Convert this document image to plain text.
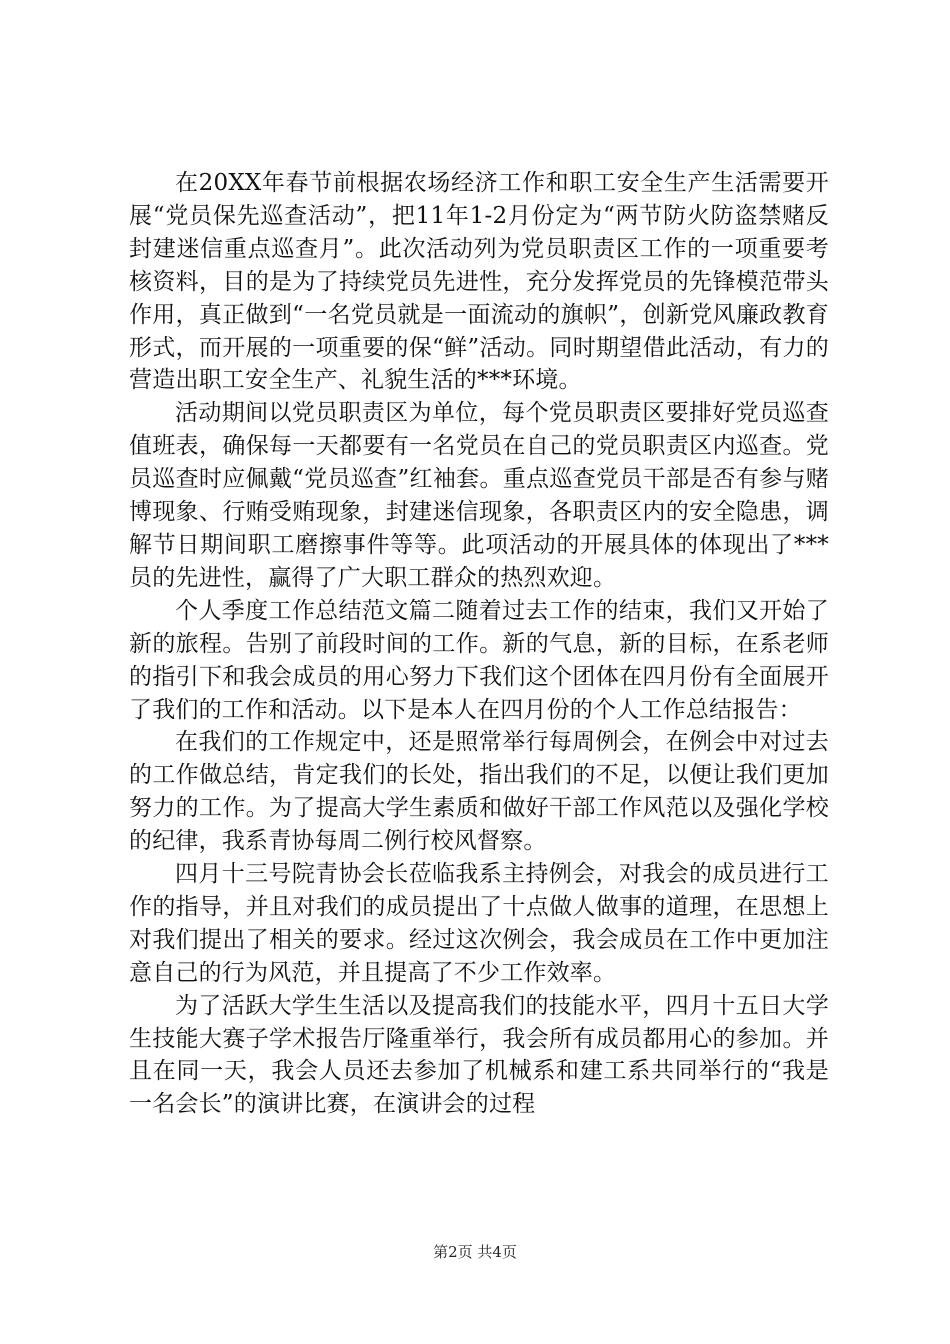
在20XX年春节前根据农场经济工作和职工安全生产生活需要开展“党员保先巡查活动”，把11年1-2月份定为“两节防火防盗禁赌反封建迷信重点巡查月”。此次活动列为党员职责区工作的一项重要考核资料，目的是为了持续党员先进性，充分发挥党员的先锋模范带头作用，真正做到“一名党员就是一面流动的旗帜”，创新党风廉政教育形式，而开展的一项重要的保“鲜”活动。同时期望借此活动，有力的营造出职工安全生产、礼貌生活的***环境。

活动期间以党员职责区为单位，每个党员职责区要排好党员巡查值班表，确保每一天都要有一名党员在自己的党员职责区内巡查。党员巡查时应佩戴“党员巡查”红袖套。重点巡查党员干部是否有参与赌博现象、行贿受贿现象，封建迷信现象，各职责区内的安全隐患，调解节日期间职工磨擦事件等等。此项活动的开展具体的体现出了***员的先进性，赢得了广大职工群众的热烈欢迎。

个人季度工作总结范文篇二随着过去工作的结束，我们又开始了新的旅程。告别了前段时间的工作。新的气息，新的目标，在系老师的指引下和我会成员的用心努力下我们这个团体在四月份有全面展开了我们的工作和活动。以下是本人在四月份的个人工作总结报告：

在我们的工作规定中，还是照常举行每周例会，在例会中对过去的工作做总结，肯定我们的长处，指出我们的不足，以便让我们更加努力的工作。为了提高大学生素质和做好干部工作风范以及强化学校的纪律，我系青协每周二例行校风督察。

四月十三号院青协会长莅临我系主持例会，对我会的成员进行工作的指导，并且对我们的成员提出了十点做人做事的道理，在思想上对我们提出了相关的要求。经过这次例会，我会成员在工作中更加注意自己的行为风范，并且提高了不少工作效率。

为了活跃大学生生活以及提高我们的技能水平，四月十五日大学生技能大赛子学术报告厅隆重举行，我会所有成员都用心的参加。并且在同一天，我会人员还去参加了机械系和建工系共同举行的“我是一名会长”的演讲比赛，在演讲会的过程

第2页 共4页
